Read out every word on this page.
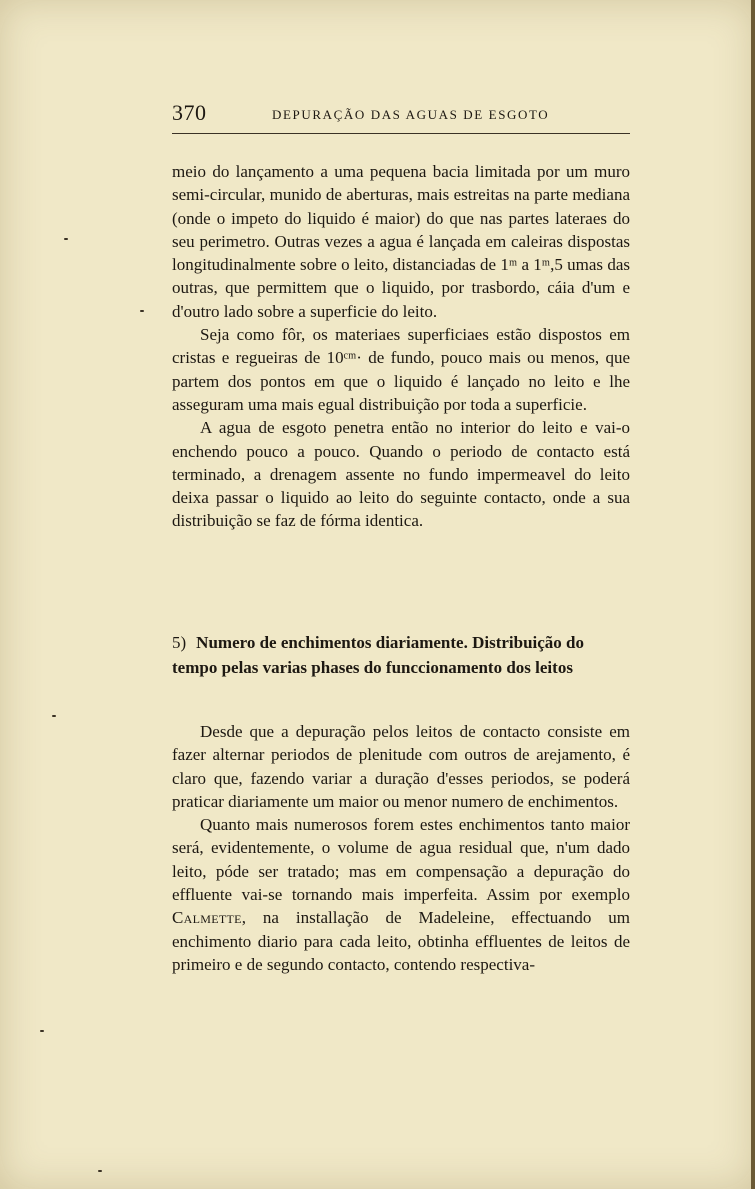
370	DEPURAÇÃO DAS AGUAS DE ESGOTO

meio do lançamento a uma pequena bacia limitada por um muro semi-circular, munido de aberturas, mais estreitas na parte mediana (onde o impeto do liquido é maior) do que nas partes lateraes do seu perimetro. Outras vezes a agua é lançada em caleiras dispostas longitudinalmente sobre o leito, distanciadas de 1ᵐ a 1ᵐ,5 umas das outras, que permittem que o liquido, por trasbordo, cáia d'um e d'outro lado sobre a superficie do leito.

Seja como fôr, os materiaes superficiaes estão dispostos em cristas e regueiras de 10ᶜᵐ· de fundo, pouco mais ou menos, que partem dos pontos em que o liquido é lançado no leito e lhe asseguram uma mais egual distribuição por toda a superficie.

A agua de esgoto penetra então no interior do leito e vai-o enchendo pouco a pouco. Quando o periodo de contacto está terminado, a drenagem assente no fundo impermeavel do leito deixa passar o liquido ao leito do seguinte contacto, onde a sua distribuição se faz de fórma identica.

5) Numero de enchimentos diariamente. Distribuição do tempo pelas varias phases do funccionamento dos leitos

Desde que a depuração pelos leitos de contacto consiste em fazer alternar periodos de plenitude com outros de arejamento, é claro que, fazendo variar a duração d'esses periodos, se poderá praticar diariamente um maior ou menor numero de enchimentos.

Quanto mais numerosos forem estes enchimentos tanto maior será, evidentemente, o volume de agua residual que, n'um dado leito, póde ser tratado; mas em compensação a depuração do effluente vai-se tornando mais imperfeita. Assim por exemplo Calmette, na installação de Madeleine, effectuando um enchimento diario para cada leito, obtinha effluentes de leitos de primeiro e de segundo contacto, contendo respectiva-
